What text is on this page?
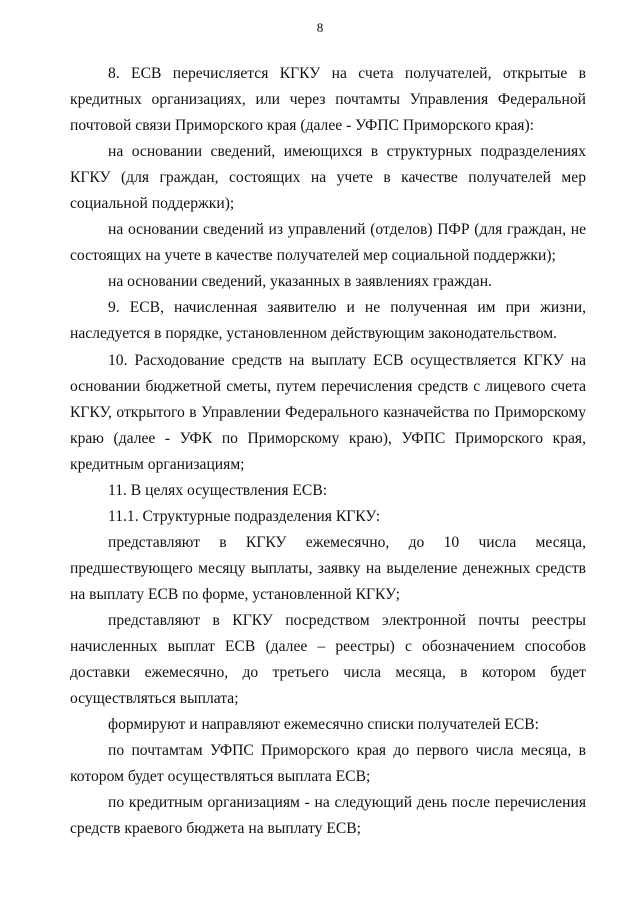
8

8. ЕСВ перечисляется КГКУ на счета получателей, открытые в кредитных организациях, или через почтамты Управления Федеральной почтовой связи Приморского края (далее - УФПС Приморского края):

на основании сведений, имеющихся в структурных подразделениях КГКУ (для граждан, состоящих на учете в качестве получателей мер социальной поддержки);

на основании сведений из управлений (отделов) ПФР (для граждан, не состоящих на учете в качестве получателей мер социальной поддержки);

на основании сведений, указанных в заявлениях граждан.

9. ЕСВ, начисленная заявителю и не полученная им при жизни, наследуется в порядке, установленном действующим законодательством.

10. Расходование средств на выплату ЕСВ осуществляется КГКУ на основании бюджетной сметы, путем перечисления средств с лицевого счета КГКУ, открытого в Управлении Федерального казначейства по Приморскому краю (далее - УФК по Приморскому краю), УФПС Приморского края, кредитным организациям;

11. В целях осуществления ЕСВ:

11.1. Структурные подразделения КГКУ:

представляют в КГКУ ежемесячно, до 10 числа месяца, предшествующего месяцу выплаты, заявку на выделение денежных средств на выплату ЕСВ по форме, установленной КГКУ;

представляют в КГКУ посредством электронной почты реестры начисленных выплат ЕСВ (далее – реестры) с обозначением способов доставки ежемесячно, до третьего числа месяца, в котором будет осуществляться выплата;

формируют и направляют ежемесячно списки получателей ЕСВ:

по почтамтам УФПС Приморского края до первого числа месяца, в котором будет осуществляться выплата ЕСВ;

по кредитным организациям - на следующий день после перечисления средств краевого бюджета на выплату ЕСВ;
